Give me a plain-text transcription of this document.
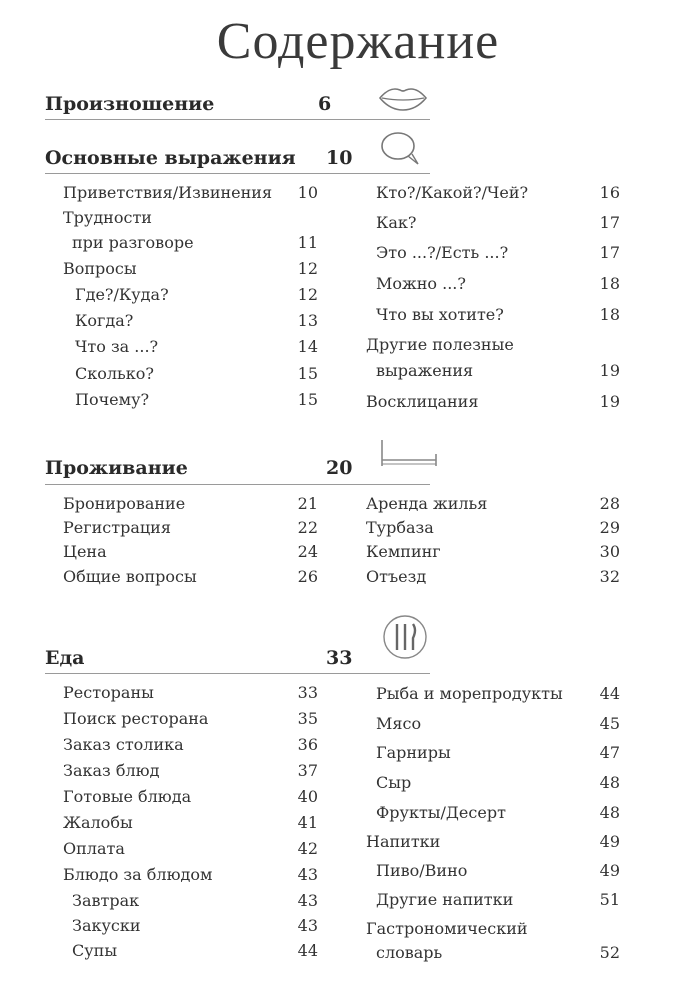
Содержание
Произношение	6
Основные выражения 10
Приветствия/Извинения	10
Трудности
при разговоре	11
Вопросы	12
Где?/Куда?	12
Когда?	13
Что за ...?	14
Сколько?	15
Почему?	15
Кто?/Какой?/Чей?	16
Как?	17
Это ...?/Есть ...?	17
Можно ...?	18
Что вы хотите?	18
Другие полезные
выражения	19
Восклицания	19
Проживание	20
Бронирование	21
Регистрация	22
Цена	24
Общие вопросы	26
Аренда жилья	28
Турбаза	29
Кемпинг	30
Отъезд	32
Еда	33
Рестораны	33
Поиск ресторана	35
Заказ столика	36
Заказ блюд	37
Готовые блюда	40
Жалобы	41
Оплата	42
Блюдо за блюдом	43
Завтрак	43
Закуски	43
Супы	44
Рыба и морепродукты	44
Мясо	45
Гарниры	47
Сыр	48
Фрукты/Десерт	48
Напитки	49
Пиво/Вино	49
Другие напитки	51
Гастрономический
словарь	52
